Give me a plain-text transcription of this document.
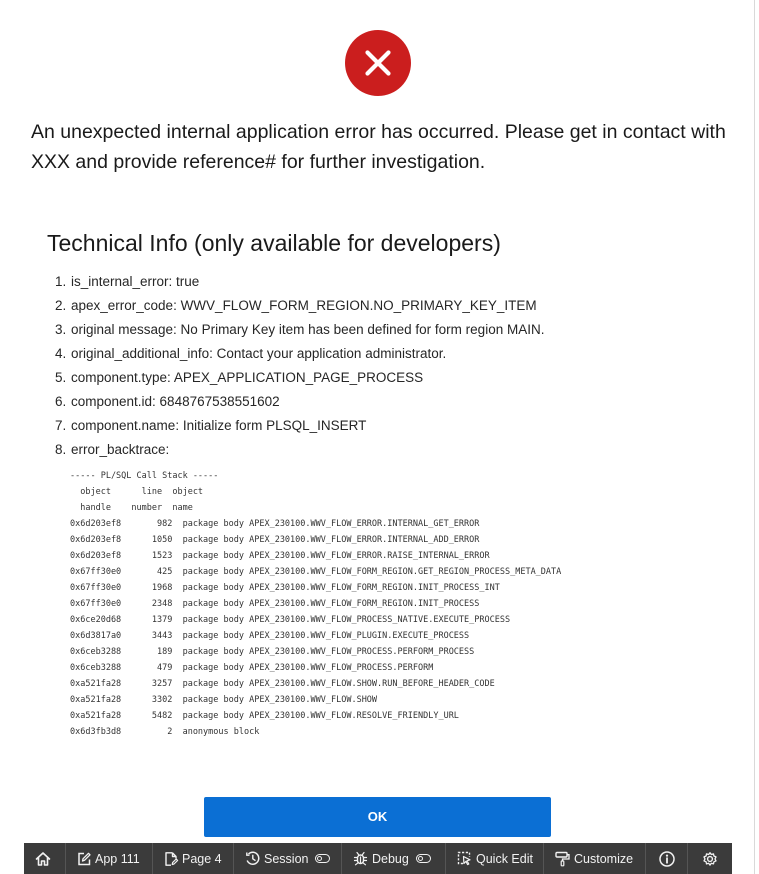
An unexpected internal application error has occurred. Please get in contact with XXX and provide reference# for further investigation.
Technical Info (only available for developers)
1. is_internal_error: true
2. apex_error_code: WWV_FLOW_FORM_REGION.NO_PRIMARY_KEY_ITEM
3. original message: No Primary Key item has been defined for form region MAIN.
4. original_additional_info: Contact your application administrator.
5. component.type: APEX_APPLICATION_PAGE_PROCESS
6. component.id: 6848767538551602
7. component.name: Initialize form PLSQL_INSERT
8. error_backtrace:
----- PL/SQL Call Stack -----
object      line  object
handle    number  name
0x6d203ef8       982  package body APEX_230100.WWV_FLOW_ERROR.INTERNAL_GET_ERROR
0x6d203ef8      1050  package body APEX_230100.WWV_FLOW_ERROR.INTERNAL_ADD_ERROR
0x6d203ef8      1523  package body APEX_230100.WWV_FLOW_ERROR.RAISE_INTERNAL_ERROR
0x67ff30e0       425  package body APEX_230100.WWV_FLOW_FORM_REGION.GET_REGION_PROCESS_META_DATA
0x67ff30e0      1968  package body APEX_230100.WWV_FLOW_FORM_REGION.INIT_PROCESS_INT
0x67ff30e0      2348  package body APEX_230100.WWV_FLOW_FORM_REGION.INIT_PROCESS
0x6ce20d68      1379  package body APEX_230100.WWV_FLOW_PROCESS_NATIVE.EXECUTE_PROCESS
0x6d3817a0      3443  package body APEX_230100.WWV_FLOW_PLUGIN.EXECUTE_PROCESS
0x6ceb3288       189  package body APEX_230100.WWV_FLOW_PROCESS.PERFORM_PROCESS
0x6ceb3288       479  package body APEX_230100.WWV_FLOW_PROCESS.PERFORM
0xa521fa28      3257  package body APEX_230100.WWV_FLOW.SHOW.RUN_BEFORE_HEADER_CODE
0xa521fa28      3302  package body APEX_230100.WWV_FLOW.SHOW
0xa521fa28      5482  package body APEX_230100.WWV_FLOW.RESOLVE_FRIENDLY_URL
0x6d3fb3d8         2  anonymous block
OK
App 111	Page 4	Session	Debug	Quick Edit	Customize
